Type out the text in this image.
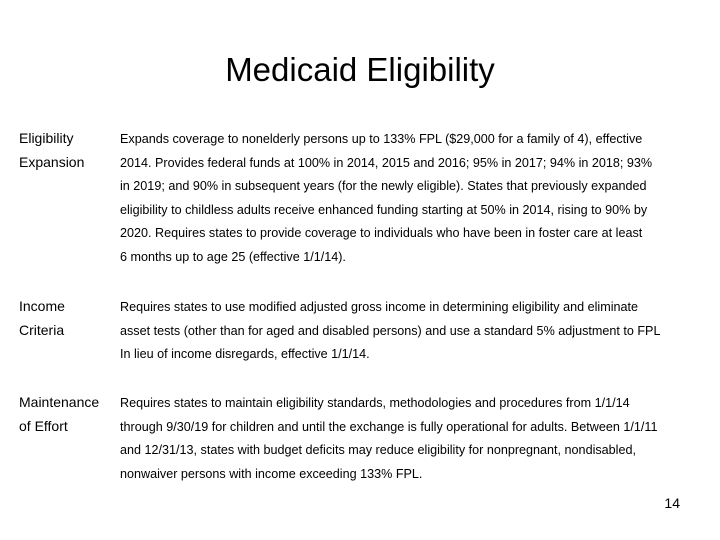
Medicaid Eligibility
Eligibility
Expansion
Expands coverage to nonelderly persons up to 133% FPL ($29,000 for a family of 4), effective
2014. Provides federal funds at 100% in 2014, 2015 and 2016; 95% in 2017; 94% in 2018; 93%
in 2019; and 90% in subsequent years (for the newly eligible). States that previously expanded
eligibility to childless adults receive enhanced funding starting at 50% in 2014, rising to 90% by
2020. Requires states to provide coverage to individuals who have been in foster care at least
6 months up to age 25 (effective 1/1/14).
Income
Criteria
Requires states to use modified adjusted gross income in determining eligibility and eliminate
asset tests (other than for aged and disabled persons) and use a standard 5% adjustment to FPL
In lieu of income disregards, effective 1/1/14.
Maintenance
of Effort
Requires states to maintain eligibility standards, methodologies and procedures from 1/1/14
through 9/30/19 for children and until the exchange is fully operational for adults. Between 1/1/11
and 12/31/13, states with budget deficits may reduce eligibility for nonpregnant, nondisabled,
nonwaiver persons with income exceeding 133% FPL.
14
